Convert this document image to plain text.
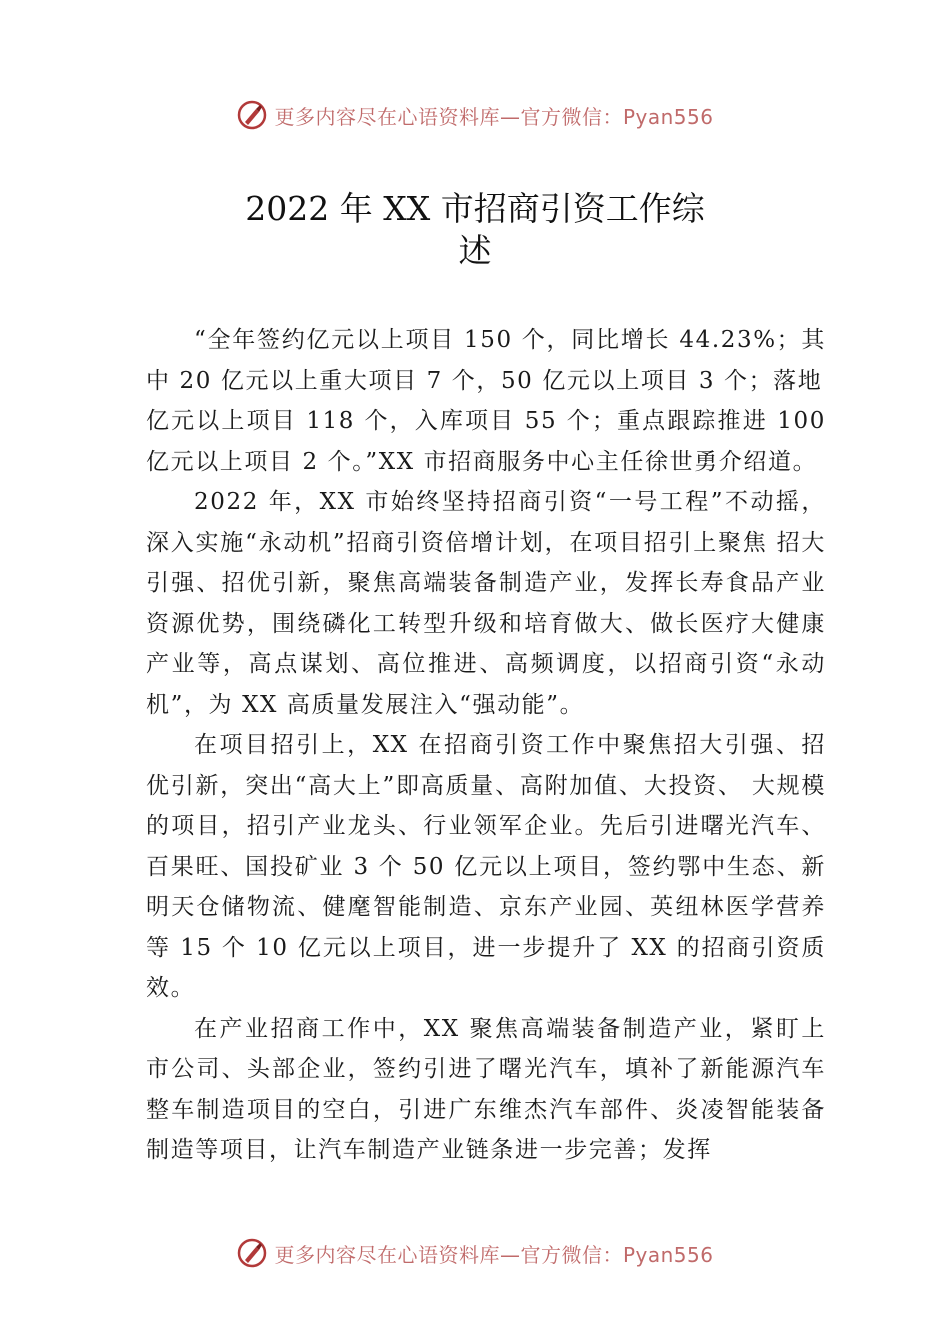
更多内容尽在心语资料库—官方微信：Pyan556
2022 年 XX 市招商引资工作综
述

“全年签约亿元以上项目 150 个，同比增长 44.23%；其中 20 亿元以上重大项目 7 个，50 亿元以上项目 3 个；落地

亿元以上项目 118 个，入库项目 55 个；重点跟踪推进 100 亿元以上项目 2 个。”XX 市招商服务中心主任徐世勇介绍道。

2022 年，XX 市始终坚持招商引资“一号工程”不动摇，深入实施“永动机”招商引资倍增计划，在项目招引上聚焦 招大引强、招优引新，聚焦高端装备制造产业，发挥长寿食品产业资源优势，围绕磷化工转型升级和培育做大、做长医疗大健康产业等，高点谋划、高位推进、高频调度，以招商引资“永动机”，为 XX 高质量发展注入“强动能”。

在项目招引上，XX 在招商引资工作中聚焦招大引强、招优引新，突出“高大上”即高质量、高附加值、大投资、 大规模的项目，招引产业龙头、行业领军企业。先后引进曙光汽车、百果旺、国投矿业 3 个 50 亿元以上项目，签约鄂中生态、新明天仓储物流、健麾智能制造、京东产业园、英纽林医学营养等 15 个 10 亿元以上项目，进一步提升了 XX 的招商引资质效。

在产业招商工作中，XX 聚焦高端装备制造产业，紧盯上市公司、头部企业，签约引进了曙光汽车，填补了新能源汽车整车制造项目的空白，引进广东维杰汽车部件、炎凌智能装备制造等项目，让汽车制造产业链条进一步完善；发挥

更多内容尽在心语资料库—官方微信：Pyan556
